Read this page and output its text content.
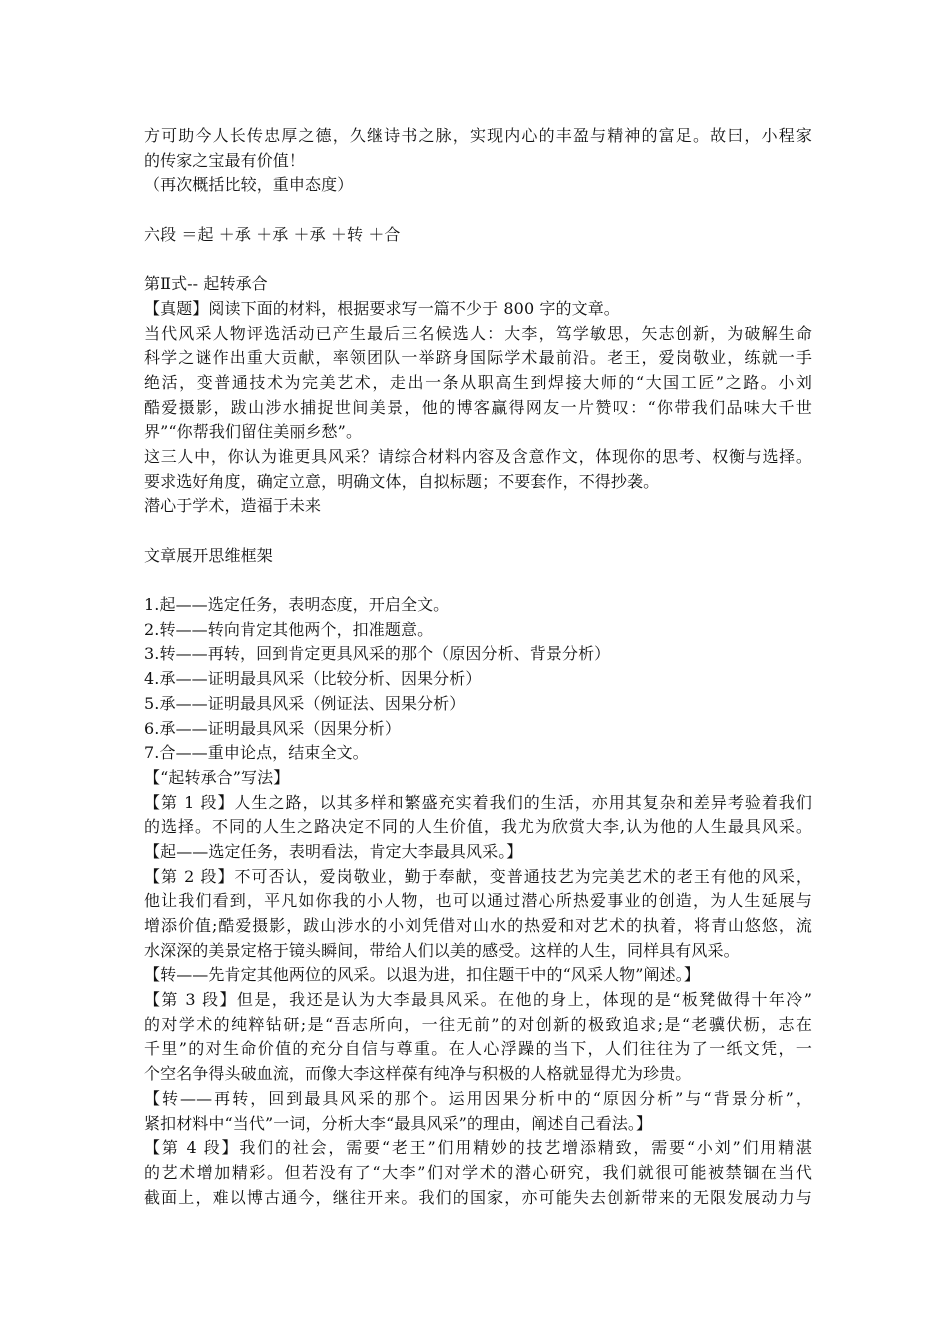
方可助今人长传忠厚之德，久继诗书之脉，实现内心的丰盈与精神的富足。故曰，小程家
的传家之宝最有价值！
（再次概括比较，重申态度）
六段 ＝起 ＋承 ＋承 ＋承 ＋转 ＋合
第Ⅱ式-- 起转承合
【真题】阅读下面的材料，根据要求写一篇不少于 800 字的文章。
当代风采人物评选活动已产生最后三名候选人：大李，笃学敏思，矢志创新，为破解生命
科学之谜作出重大贡献，率领团队一举跻身国际学术最前沿。老王，爱岗敬业，练就一手
绝活，变普通技术为完美艺术，走出一条从职高生到焊接大师的“大国工匠”之路。小刘
酷爱摄影，跋山涉水捕捉世间美景，他的博客赢得网友一片赞叹：“你带我们品味大千世
界”“你帮我们留住美丽乡愁”。
这三人中，你认为谁更具风采？请综合材料内容及含意作文，体现你的思考、权衡与选择。
要求选好角度，确定立意，明确文体，自拟标题；不要套作，不得抄袭。
潜心于学术，造福于未来
文章展开思维框架
1.起——选定任务，表明态度，开启全文。
2.转——转向肯定其他两个，扣准题意。
3.转——再转，回到肯定更具风采的那个（原因分析、背景分析）
4.承——证明最具风采（比较分析、因果分析）
5.承——证明最具风采（例证法、因果分析）
6.承——证明最具风采（因果分析）
7.合——重申论点，结束全文。
【“起转承合”写法】
【第 1 段】人生之路，以其多样和繁盛充实着我们的生活，亦用其复杂和差异考验着我们
的选择。不同的人生之路决定不同的人生价值，我尤为欣赏大李,认为他的人生最具风采。
【起——选定任务，表明看法，肯定大李最具风采。】
【第 2 段】不可否认，爱岗敬业，勤于奉献，变普通技艺为完美艺术的老王有他的风采，
他让我们看到，平凡如你我的小人物，也可以通过潜心所热爱事业的创造，为人生延展与
增添价值;酷爱摄影，跋山涉水的小刘凭借对山水的热爱和对艺术的执着，将青山悠悠，流
水深深的美景定格于镜头瞬间，带给人们以美的感受。这样的人生，同样具有风采。
【转——先肯定其他两位的风采。以退为进，扣住题干中的“风采人物”阐述。】
【第 3 段】但是，我还是认为大李最具风采。在他的身上，体现的是“板凳做得十年冷”
的对学术的纯粹钻研;是“吾志所向，一往无前”的对创新的极致追求;是“老骥伏枥，志在
千里”的对生命价值的充分自信与尊重。在人心浮躁的当下，人们往往为了一纸文凭，一
个空名争得头破血流，而像大李这样葆有纯净与积极的人格就显得尤为珍贵。
【转——再转，回到最具风采的那个。运用因果分析中的“原因分析”与“背景分析”，
紧扣材料中“当代”一词，分析大李“最具风采”的理由，阐述自己看法。】
【第 4 段】我们的社会，需要“老王”们用精妙的技艺增添精致，需要“小刘”们用精湛
的艺术增加精彩。但若没有了“大李”们对学术的潜心研究，我们就很可能被禁锢在当代
截面上，难以博古通今，继往开来。我们的国家，亦可能失去创新带来的无限发展动力与
